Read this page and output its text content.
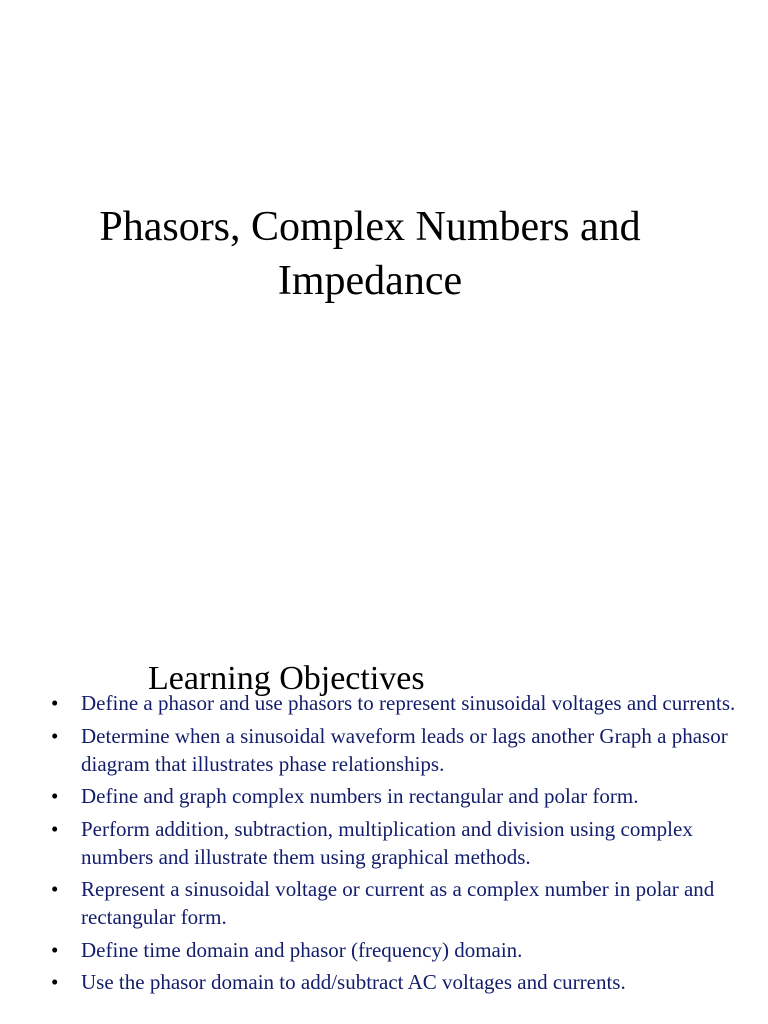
Phasors, Complex Numbers and Impedance
Learning Objectives
• Define a phasor and use phasors to represent sinusoidal voltages and currents.
• Determine when a sinusoidal waveform leads or lags another Graph a phasor diagram that illustrates phase relationships.
• Define and graph complex numbers in rectangular and polar form.
• Perform addition, subtraction, multiplication and division using complex numbers and illustrate them using graphical methods.
• Represent a sinusoidal voltage or current as a complex number in polar and rectangular form.
• Define time domain and phasor (frequency) domain.
• Use the phasor domain to add/subtract AC voltages and currents.
